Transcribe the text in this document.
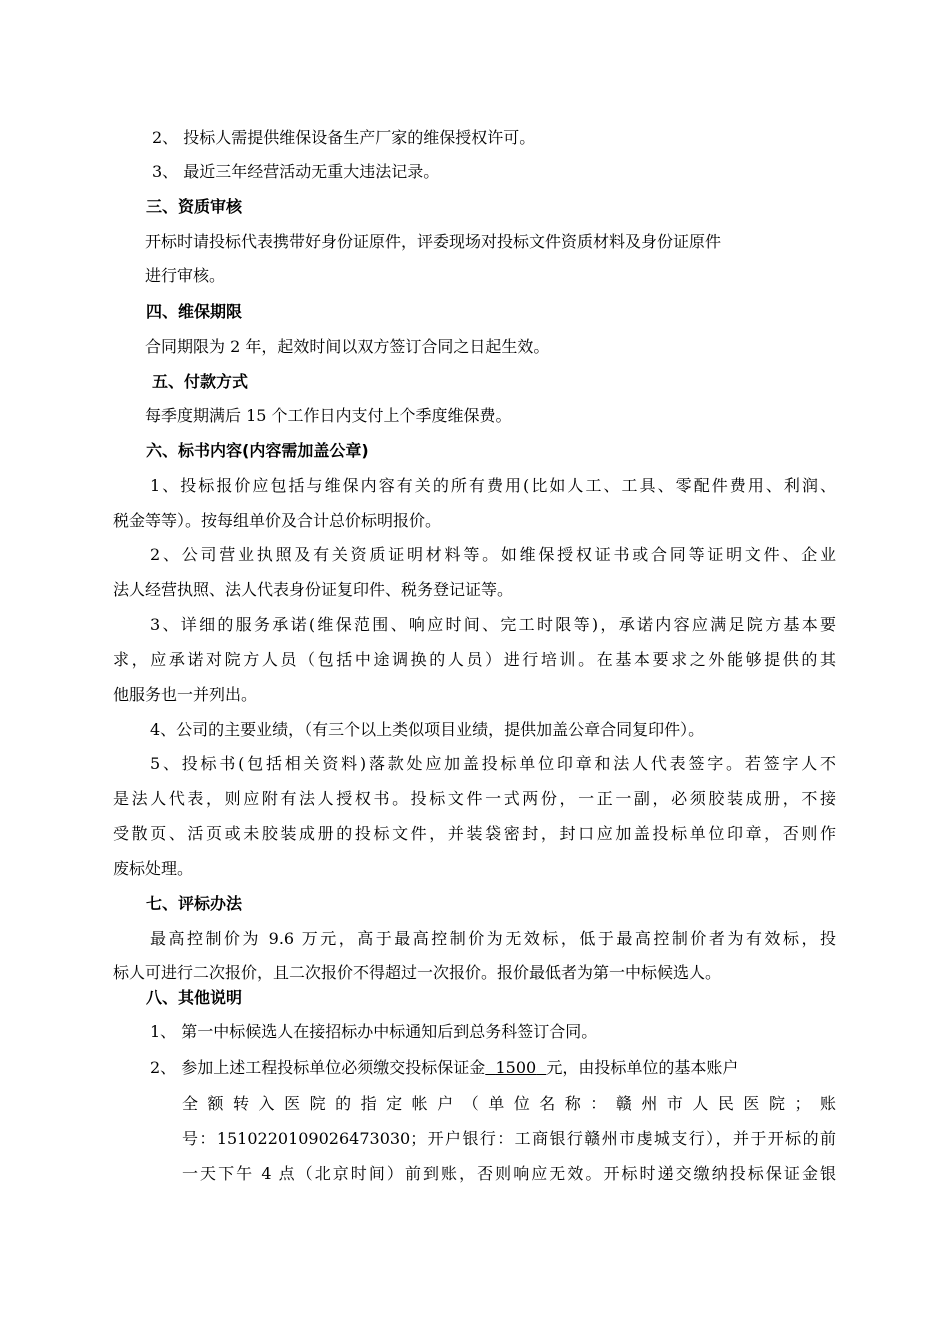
2、 投标人需提供维保设备生产厂家的维保授权许可。
3、 最近三年经营活动无重大违法记录。
三、资质审核
开标时请投标代表携带好身份证原件，评委现场对投标文件资质材料及身份证原件
进行审核。
四、维保期限
合同期限为 2 年，起效时间以双方签订合同之日起生效。
五、付款方式
每季度期满后 15 个工作日内支付上个季度维保费。
六、标书内容(内容需加盖公章)
1、投标报价应包括与维保内容有关的所有费用(比如人工、工具、零配件费用、利润、
税金等等）。按每组单价及合计总价标明报价。
2、公司营业执照及有关资质证明材料等。如维保授权证书或合同等证明文件、企业
法人经营执照、法人代表身份证复印件、税务登记证等。
3、详细的服务承诺(维保范围、响应时间、完工时限等)，承诺内容应满足院方基本要
求，应承诺对院方人员（包括中途调换的人员）进行培训。在基本要求之外能够提供的其
他服务也一并列出。
4、公司的主要业绩，（有三个以上类似项目业绩，提供加盖公章合同复印件）。
5、投标书(包括相关资料)落款处应加盖投标单位印章和法人代表签字。若签字人不
是法人代表，则应附有法人授权书。投标文件一式两份，一正一副，必须胶装成册，不接
受散页、活页或未胶装成册的投标文件，并装袋密封，封口应加盖投标单位印章，否则作
废标处理。
七、评标办法
最高控制价为 9.6 万元，高于最高控制价为无效标，低于最高控制价者为有效标，投
标人可进行二次报价，且二次报价不得超过一次报价。报价最低者为第一中标候选人。
八、其他说明
1、 第一中标候选人在接招标办中标通知后到总务科签订合同。
2、 参加上述工程投标单位必须缴交投标保证金 1500 元，由投标单位的基本账户
全额转入医院的指定帐户（单位名称：赣州市人民医院；账
号：151022010902647303​0；开户银行：工商银行赣州市虔城支行），并于开标的前
一天下午 4 点（北京时间）前到账，否则响应无效。开标时递交缴纳投标保证金银
